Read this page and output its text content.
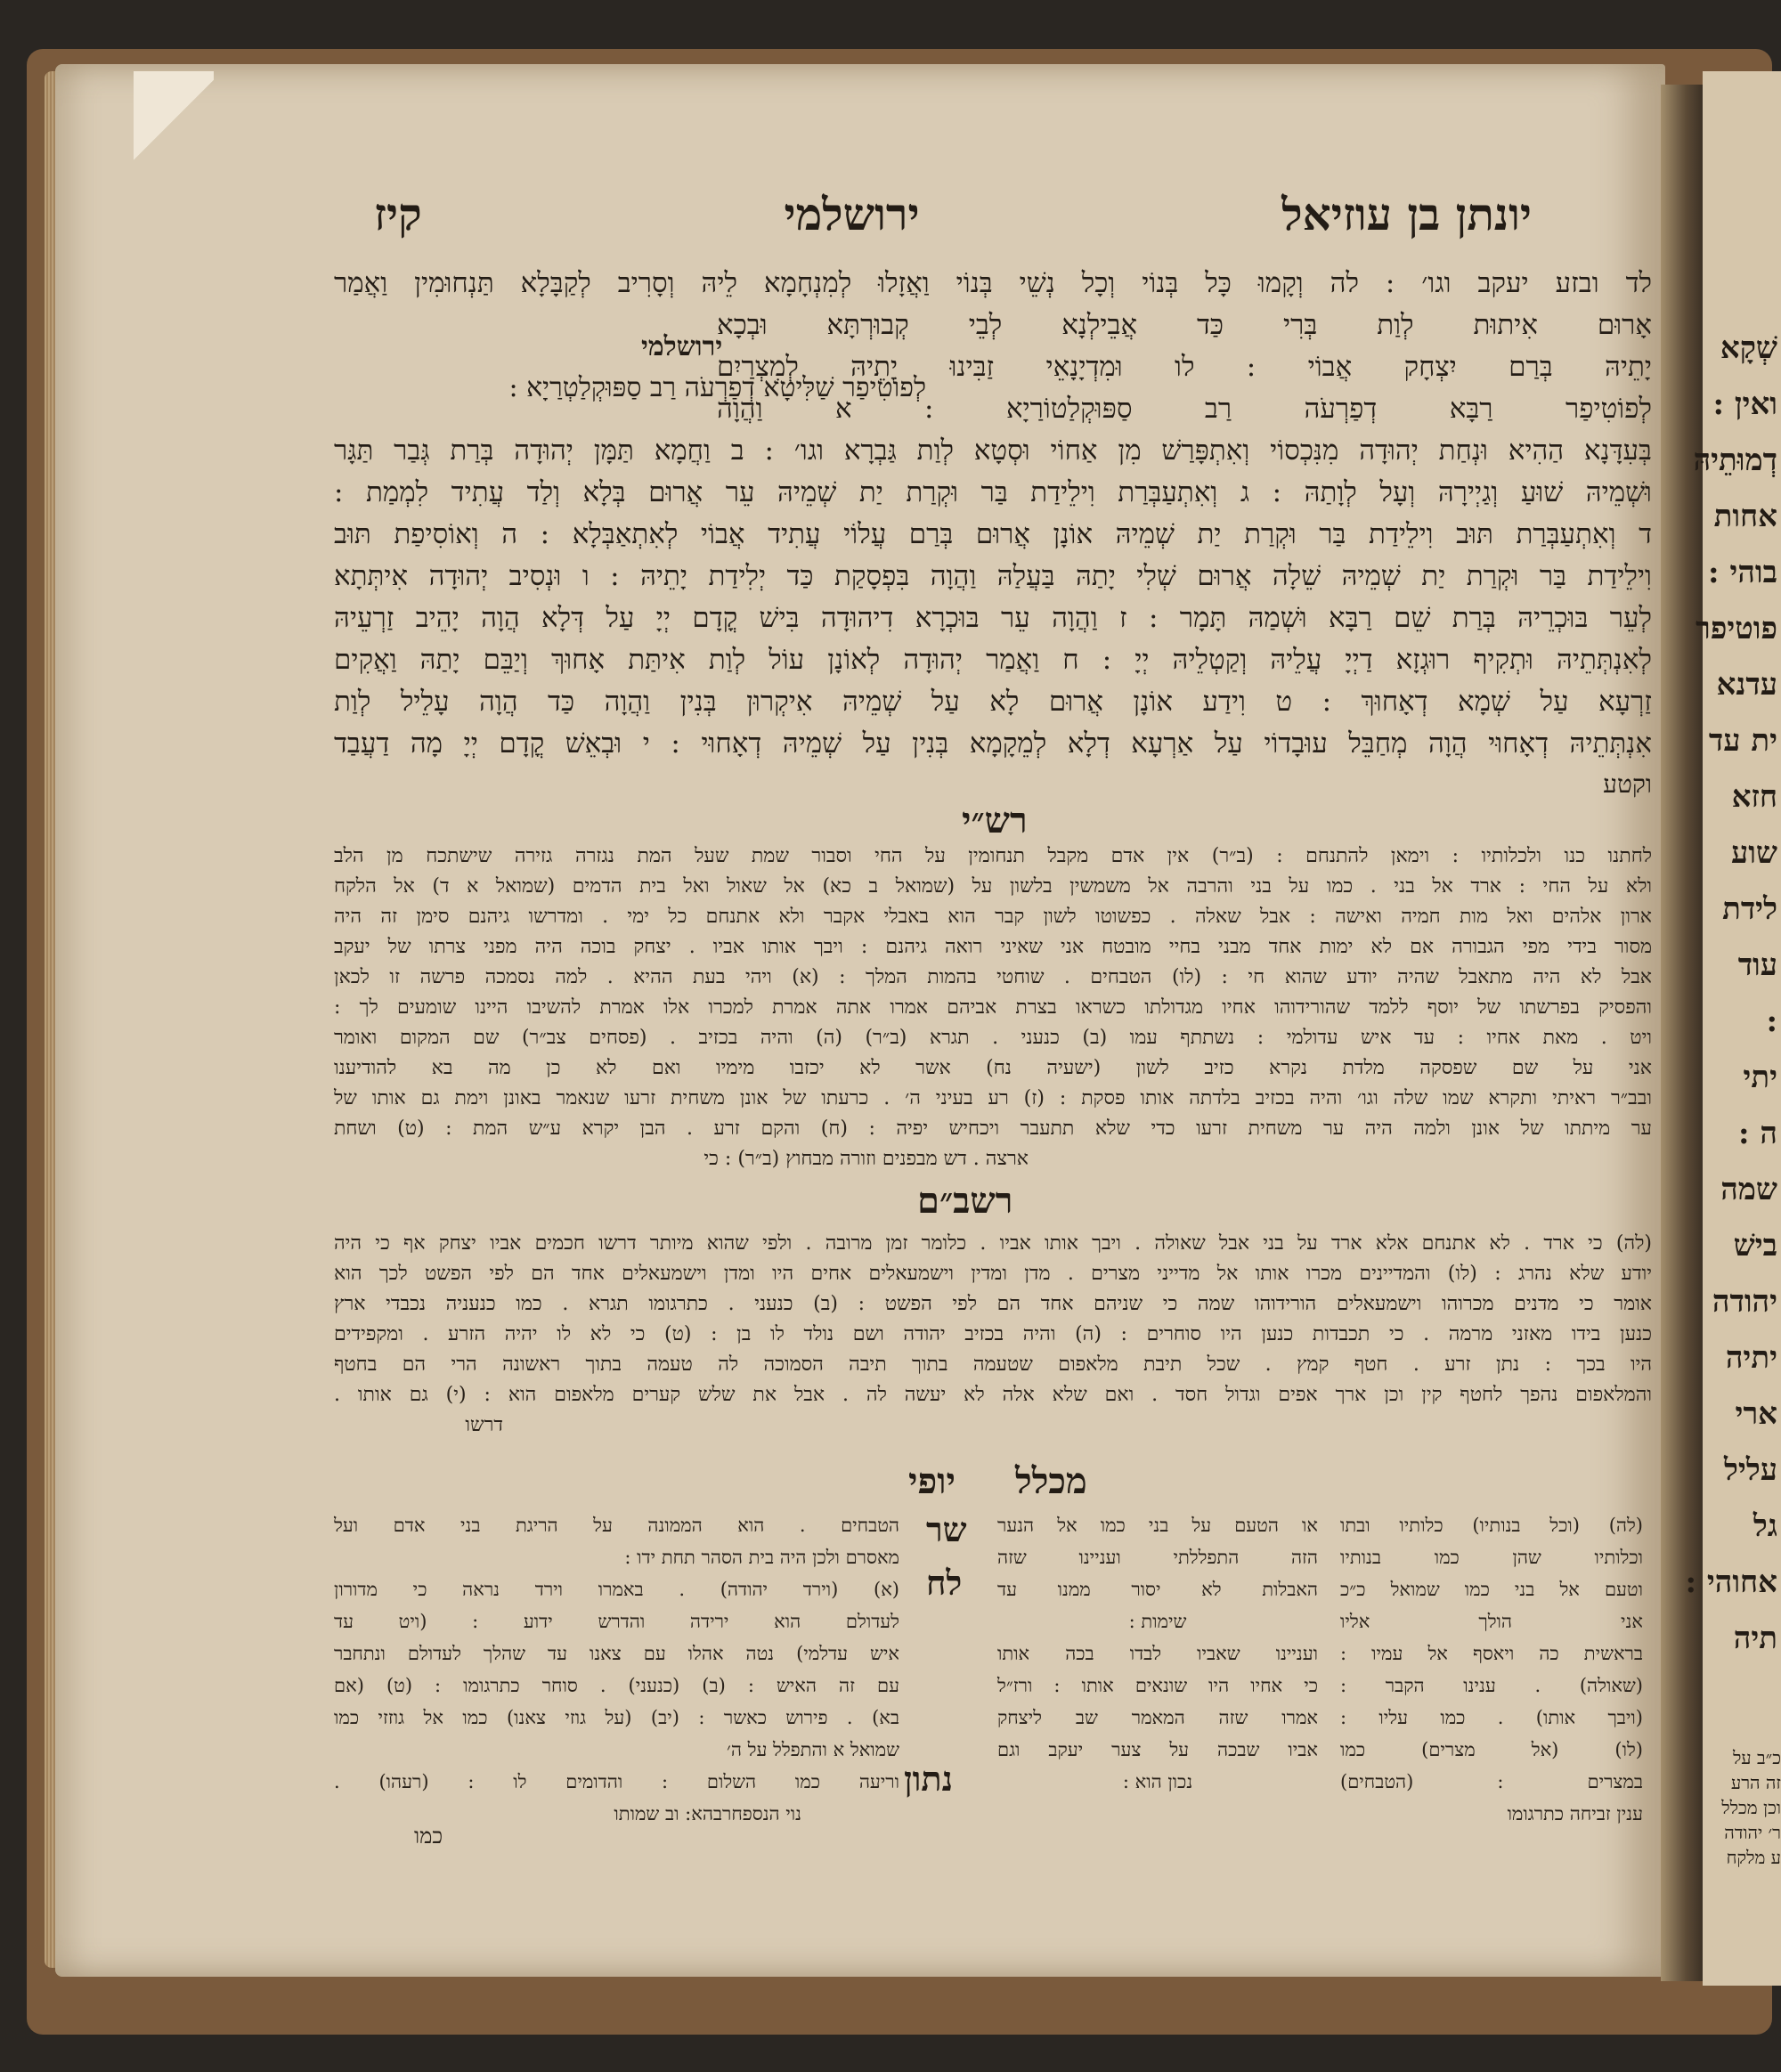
יונתן בן עוזיאל
ירושלמי
קיז
לד ובזע יעקב וגו׳ : לה וְקָמוּ כָּל בְּנוֹי וְכָל נְשֵׁי בְּנוֹי וַאֲזָלוּ לְמִנְחָמָא לֵיהּ וְסָרִיב לְקַבָּלָא תַּנְחוּמִין וַאֲמַר
אָרוּם אִיתוּת לְוַת בְּרִי כַּד אֲבֵילְנָא לְבֵי קְבוּרְתָּא וּבְכָא
יָתֵיהּ בְּרַם יִצְחָק אֲבוֹי : לו וּמִדְיָנָאֵי זַבִּינוּ יָתֵיהּ לְמִצְרַיִם
לְפוֹטִיפַר רַבָּא דְפַרְעֹה רַב סַפּוּקְלַטוֹרַיָא : א וַהֲוָה
בְּעִדָּנָא הַהִיא וּנְחַת יְהוּדָה מִנִּכְסוֹי וְאִתְפָּרַשׁ מִן אַחוֹי וּסְטָא לְוַת גַּבְרָא וגו׳ : ב וַחֲמָא תַּמָּן יְהוּדָה בְּרַת גְּבַר תַּגָּר
וּשְׁמֵיהּ שׁוּעַ וְגַיְירָהּ וְעָל לְוָתַהּ : ג וְאִתְעַבְּרַת וִילֵידַת בַּר וּקְרַת יַת שְׁמֵיהּ עֵר אֲרוּם בְּלָא וְלַד עֲתִיד לִמְמַת :
ד וְאִתְעַבְּרַת תּוּב וִילֵידַת בַּר וּקְרַת יַת שְׁמֵיהּ אוֹנָן אֲרוּם בְּרַם עֲלוֹי עֲתִיד אֲבוֹי לְאִתְאַבְּלָא : ה וְאוֹסִיפַת תּוּב
וִילֵידַת בַּר וּקְרַת יַת שְׁמֵיהּ שֵׁלָה אֲרוּם שְׁלִי יָתַהּ בַּעֲלַהּ וַהֲוָה בִּפְסָקַת כַּד יְלִידַת יָתֵיהּ : ו וּנְסִיב יְהוּדָה אִיתְּתָא
לְעֵר בּוּכְרֵיהּ בְּרַת שֵׁם רַבָּא וּשְׁמַהּ תָּמָר : ז וַהֲוָה עֵר בּוּכְרָא דִיהוּדָה בִּישׁ קֳדָם יְיָ עַל דְּלָא הֲוָה יָהֵיב זַרְעֵיהּ
לְאִנְתְּתֵיהּ וּתְקִיף רוּגְזָא דַיְיָ עֲלֵיהּ וְקַטְלֵיהּ יְיָ : ח וַאֲמַר יְהוּדָה לְאוֹנָן עוֹל לְוַת אִיתַּת אָחוּךְ וְיַבֵּם יָתַהּ וַאֲקִים
זַרְעָא עַל שְׁמָא דְאָחוּךְ : ט וִידַע אוֹנָן אֲרוּם לָא עַל שְׁמֵיהּ אִיקְרוּן בְּנִין וַהֲוָה כַּד הֲוָה עָלֵיל לְוַת
אִנְתְּתֵיהּ דְאָחוּי הֲוָה מְחַבֵּל עוּבָדוֹי עַל אַרְעָא דְלָא לְמֵקָמָא בְּנִין עַל שְׁמֵיהּ דְאָחוּי : י וּבְאֵשׁ קֳדָם יְיָ מָה דַעֲבַד
וקטע
ירושלמי
לְפוֹטִיפַר שַׁלִּיטָא דְפַרְעֹה רַב סַפּוּקְלַטְרַיָא :
רש״י
לחתנו כנו ולכלותיו : וימאן להתנחם : (ב״ר) אין אדם מקבל תנחומין על החי וסבור שמת שעל המת נגזרה גזירה שישתכח מן הלב
ולא על החי : ארד אל בני . כמו על בני והרבה אל משמשין בלשון על (שמואל ב כא) אל שאול ואל בית הדמים (שמואל א ד) אל הלקח
ארון אלהים ואל מות חמיה ואישה : אבל שאלה . כפשוטו לשון קבר הוא באבלי אקבר ולא אתנחם כל ימי . ומדרשו גיהנם סימן זה היה
מסור בידי מפי הגבורה אם לא ימות אחד מבני בחיי מובטח אני שאיני רואה גיהנם : ויבך אותו אביו . יצחק בוכה היה מפני צרתו של יעקב
אבל לא היה מתאבל שהיה יודע שהוא חי : (לו) הטבחים . שוחטי בהמות המלך : (א) ויהי בעת ההיא . למה נסמכה פרשה זו לכאן
והפסיק בפרשתו של יוסף ללמד שהורידוהו אחיו מגדולתו כשראו בצרת אביהם אמרו אתה אמרת למכרו אלו אמרת להשיבו היינו שומעים לך :
ויט . מאת אחיו : עד איש עדולמי : נשתתף עמו (ב) כנעני . תגרא (ב״ר) (ה) והיה בכזיב . (פסחים צב״ר) שם המקום ואומר
אני על שם שפסקה מלדת נקרא כזיב לשון (ישעיה נח) אשר לא יכזבו מימיו ואם לא כן מה בא להודיענו
ובב״ר ראיתי ותקרא שמו שלה וגו׳ והיה בכזיב בלדתה אותו פסקת : (ז) רע בעיני ה׳ . כרעתו של אונן משחית זרעו שנאמר באונן וימת גם אותו של
ער מיתתו של אונן ולמה היה ער משחית זרעו כדי שלא תתעבר ויכחיש יפיה : (ח) והקם זרע . הבן יקרא ע״ש המת : (ט) ושחת
ארצה . דש מבפנים וזורה מבחוץ (ב״ר) : כי
רשב״ם
(לה) כי ארד . לא אתנחם אלא ארד על בני אבל שאולה . ויבך אותו אביו . כלומר זמן מרובה . ולפי שהוא מיותר דרשו חכמים אביו יצחק אף כי היה
יודע שלא נהרג : (לו) והמדיינים מכרו אותו אל מדייני מצרים . מדן ומדין וישמעאלים אחים היו ומדן וישמעאלים אחד הם לפי הפשט לכך הוא
אומר כי מדנים מכרוהו וישמעאלים הורידוהו שמה כי שניהם אחד הם לפי הפשט : (ב) כנעני . כתרגומו תגרא . כמו כנעניה נכבדי ארץ
כנען בידו מאזני מרמה . כי תכבדות כנען היו סוחרים : (ה) והיה בכזיב יהודה ושם נולד לו בן : (ט) כי לא לו יהיה הזרע . ומקפידים
היו בכך : נתן זרע . חטף קמץ . שכל תיבת מלאפום שטעמה בתוך תיבה הסמוכה לה טעמה בתוך ראשונה הרי הם בחטף
והמלאפום נהפך לחטף קין וכן ארך אפים וגדול חסד . ואם שלא אלה לא יעשה לה . אבל את שלש קערים מלאפום הוא : (י) גם אותו .
דרשו
מכלל
יופי
(לה) (וכל בנותיו) כלותיו ובתו
וכלותיו שהן כמו בנותיו
וטעם אל בני כמו שמואל כ״כ
אני הולך אליו
בראשית כה ויאסף אל עמיו :
(שאולה) . ענינו הקבר :
(ויבך אותו) . כמו עליו :
(לו) (אל מצרים) כמו
במצרים : (הטבחים)
ענין זביחה כתרגומו
או הטעם על בני כמו אל הנער
הזה התפללתי ועניינו שזה
האבלות לא יסור ממנו עד
שימות :
ועניינו שאביו לבדו בכה אותו
כי אחיו היו שונאים אותו : ורז״ל
אמרו שזה המאמר שב ליצחק
אביו שבכה על צער יעקב וגם
נכון הוא :
שר
לח
נתון
הטבחים . הוא הממונה על הריגת בני אדם ועל
מאסרם ולכן היה בית הסהר תחת ידו :
(א) (וירד יהודה) . באמרו וירד נראה כי מדורון
לעדולם הוא ירידה והדרש ידוע : (ויט עד
איש עדלמי) נטה אהלו עם צאנו עד שהלך לעדולם ונתחבר
עם זה האיש : (ב) (כנעני) . סוחר כתרגומו : (ט) (אם
בא) . פירוש כאשר : (יב) (על גוזי צאנו) כמו אל גוזזי כמו
שמואל א והתפלל על ה׳
וריעה כמו השלום : והדומים לו : (רעהו) .
נוי הנספחרבהא: וב שמותו
כמו
שְׁקָא
ואין :
דְמוּתֵיהּ
אחות
בוהי :
פוטיפר
עדנא
ית עד
חזא
שוע
לידת
עוד
:
יתי
ה :
שמה
בישׁ
יהודה
יתיה
ארי
עליל
גל
אחוהי :
תיה
כ״ב על
זה הרע
וכן מכלל
ר׳ יהודה
ע מלקח
